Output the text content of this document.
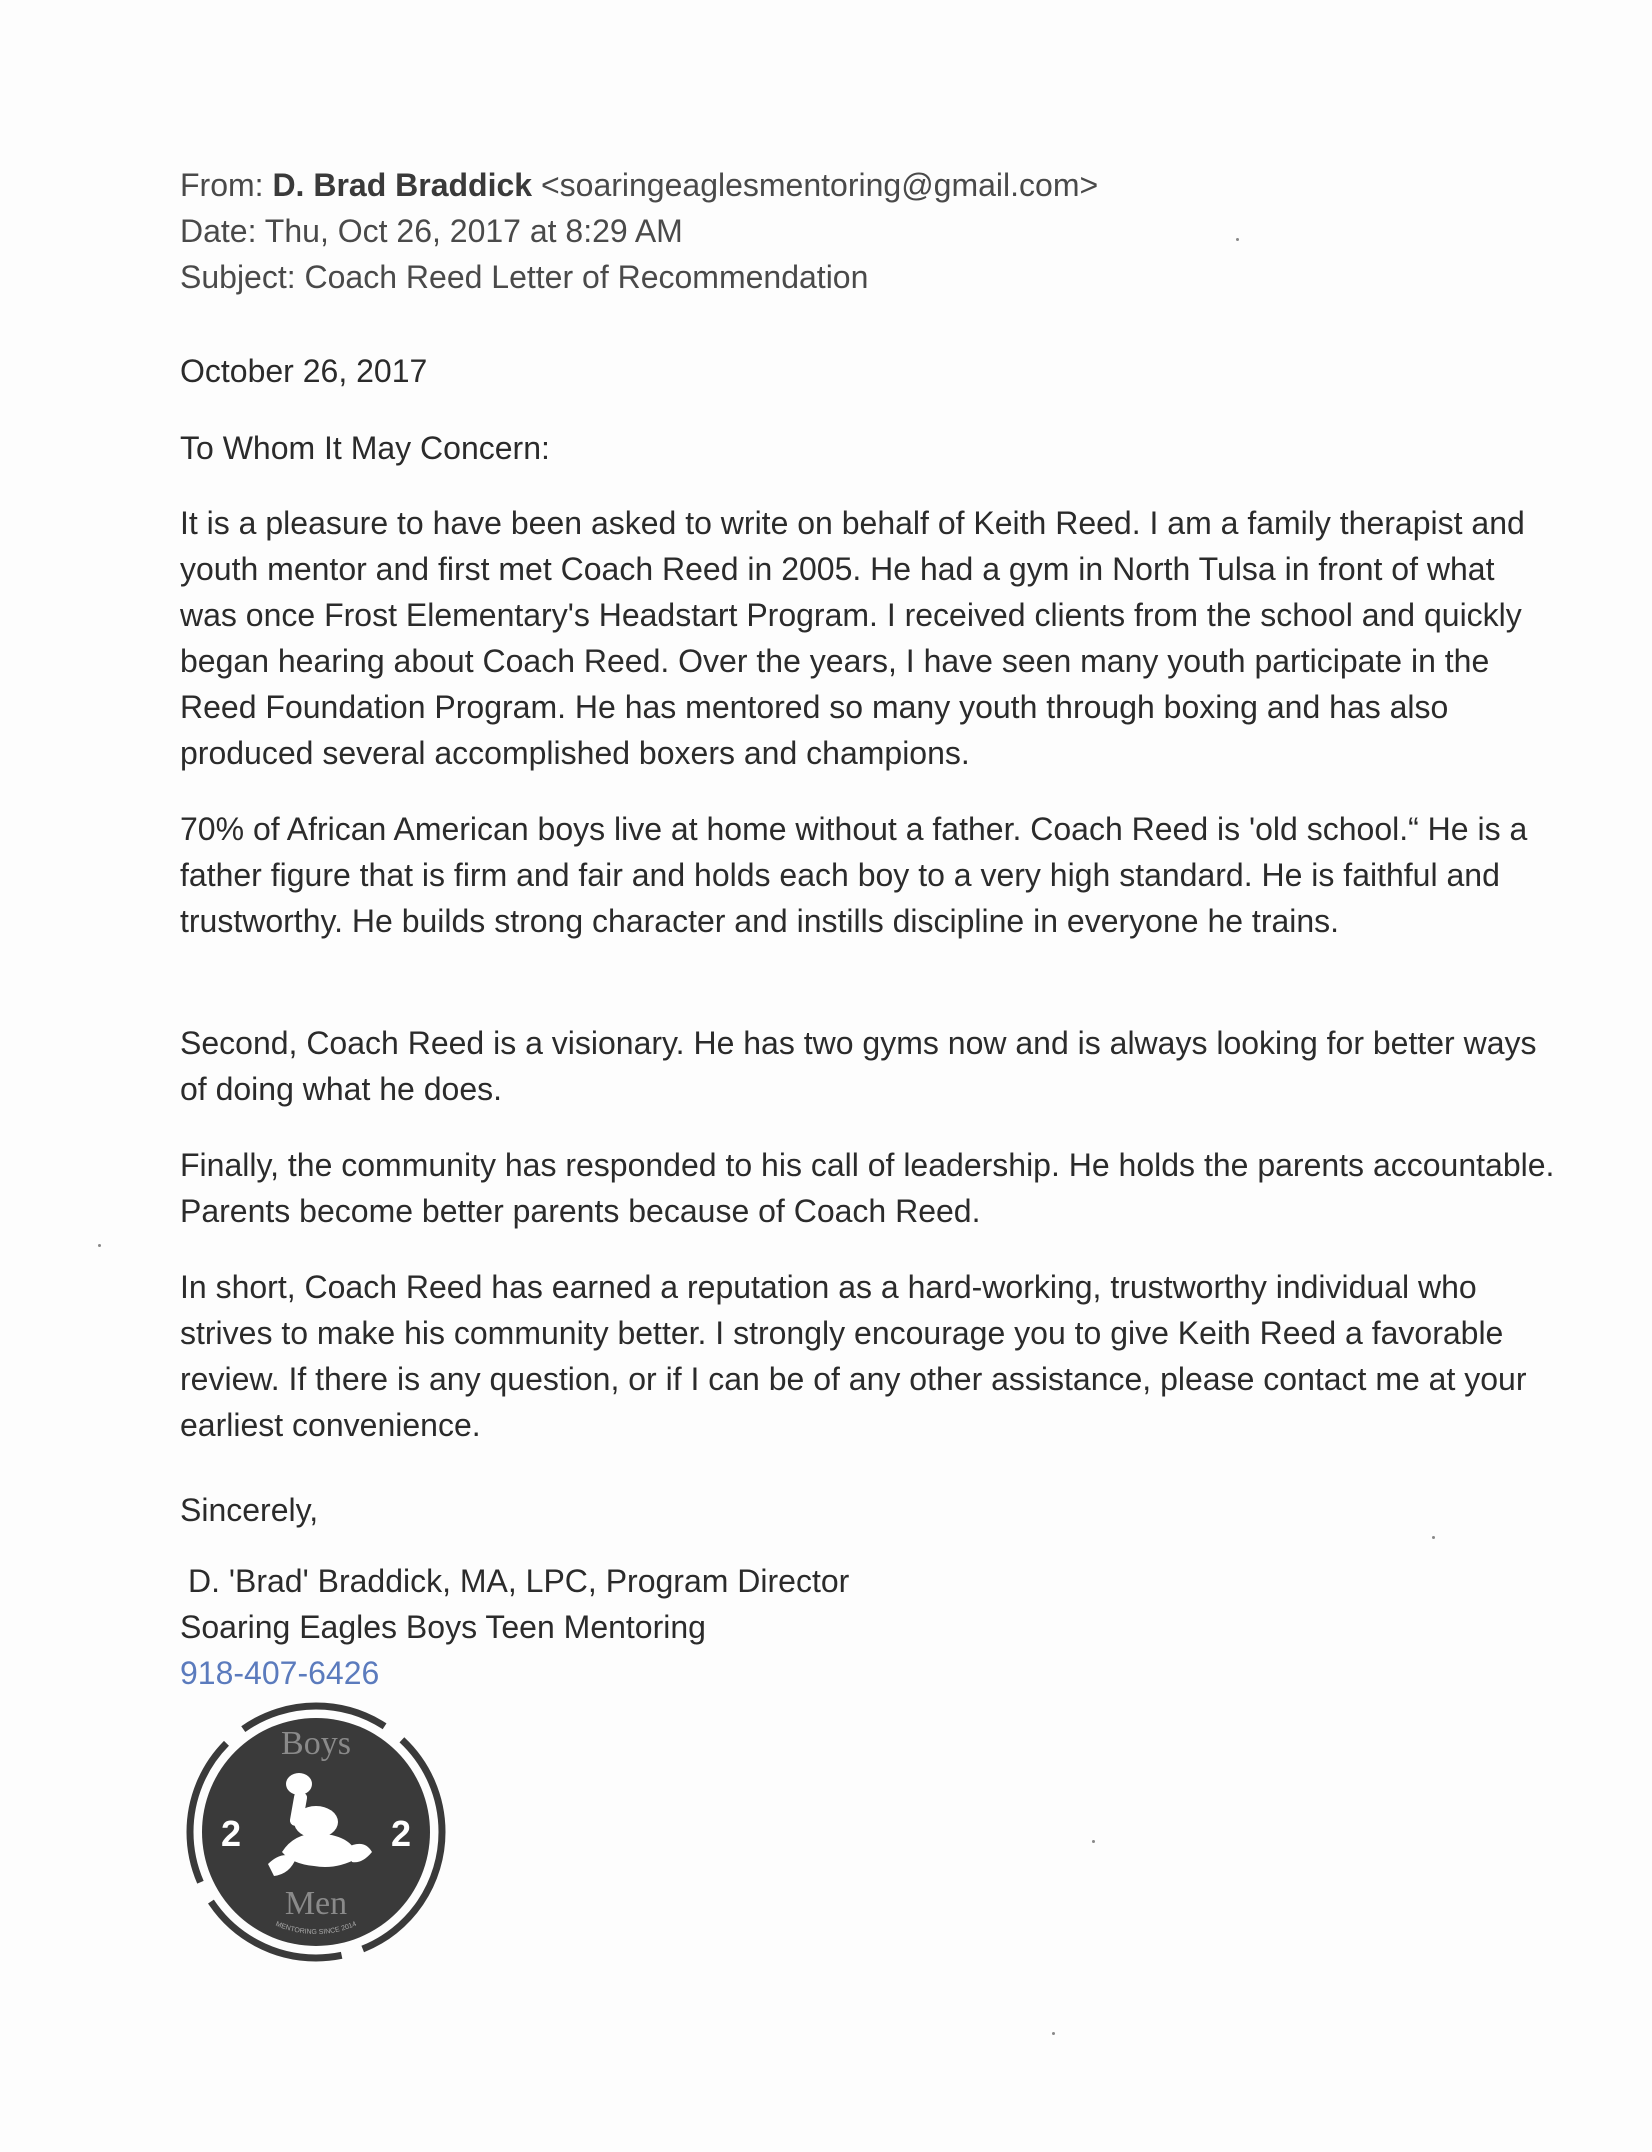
From: D. Brad Braddick <soaringeaglesmentoring@gmail.com>
Date: Thu, Oct 26, 2017 at 8:29 AM
Subject: Coach Reed Letter of Recommendation
October 26, 2017
To Whom It May Concern:

It is a pleasure to have been asked to write on behalf of Keith Reed. I am a family therapist and youth mentor and first met Coach Reed in 2005. He had a gym in North Tulsa in front of what was once Frost Elementary's Headstart Program. I received clients from the school and quickly began hearing about Coach Reed. Over the years, I have seen many youth participate in the Reed Foundation Program. He has mentored so many youth through boxing and has also produced several accomplished boxers and champions.

70% of African American boys live at home without a father. Coach Reed is 'old school.“ He is a father figure that is firm and fair and holds each boy to a very high standard. He is faithful and trustworthy. He builds strong character and instills discipline in everyone he trains.

Second, Coach Reed is a visionary. He has two gyms now and is always looking for better ways of doing what he does.

Finally, the community has responded to his call of leadership. He holds the parents accountable. Parents become better parents because of Coach Reed.

In short, Coach Reed has earned a reputation as a hard-working, trustworthy individual who strives to make his community better. I strongly encourage you to give Keith Reed a favorable review. If there is any question, or if I can be of any other assistance, please contact me at your earliest convenience.

Sincerely,
D. 'Brad' Braddick, MA, LPC, Program Director
Soaring Eagles Boys Teen Mentoring
918-407-6426
Boys
Men
2	2
MENTORING SINCE 2014
